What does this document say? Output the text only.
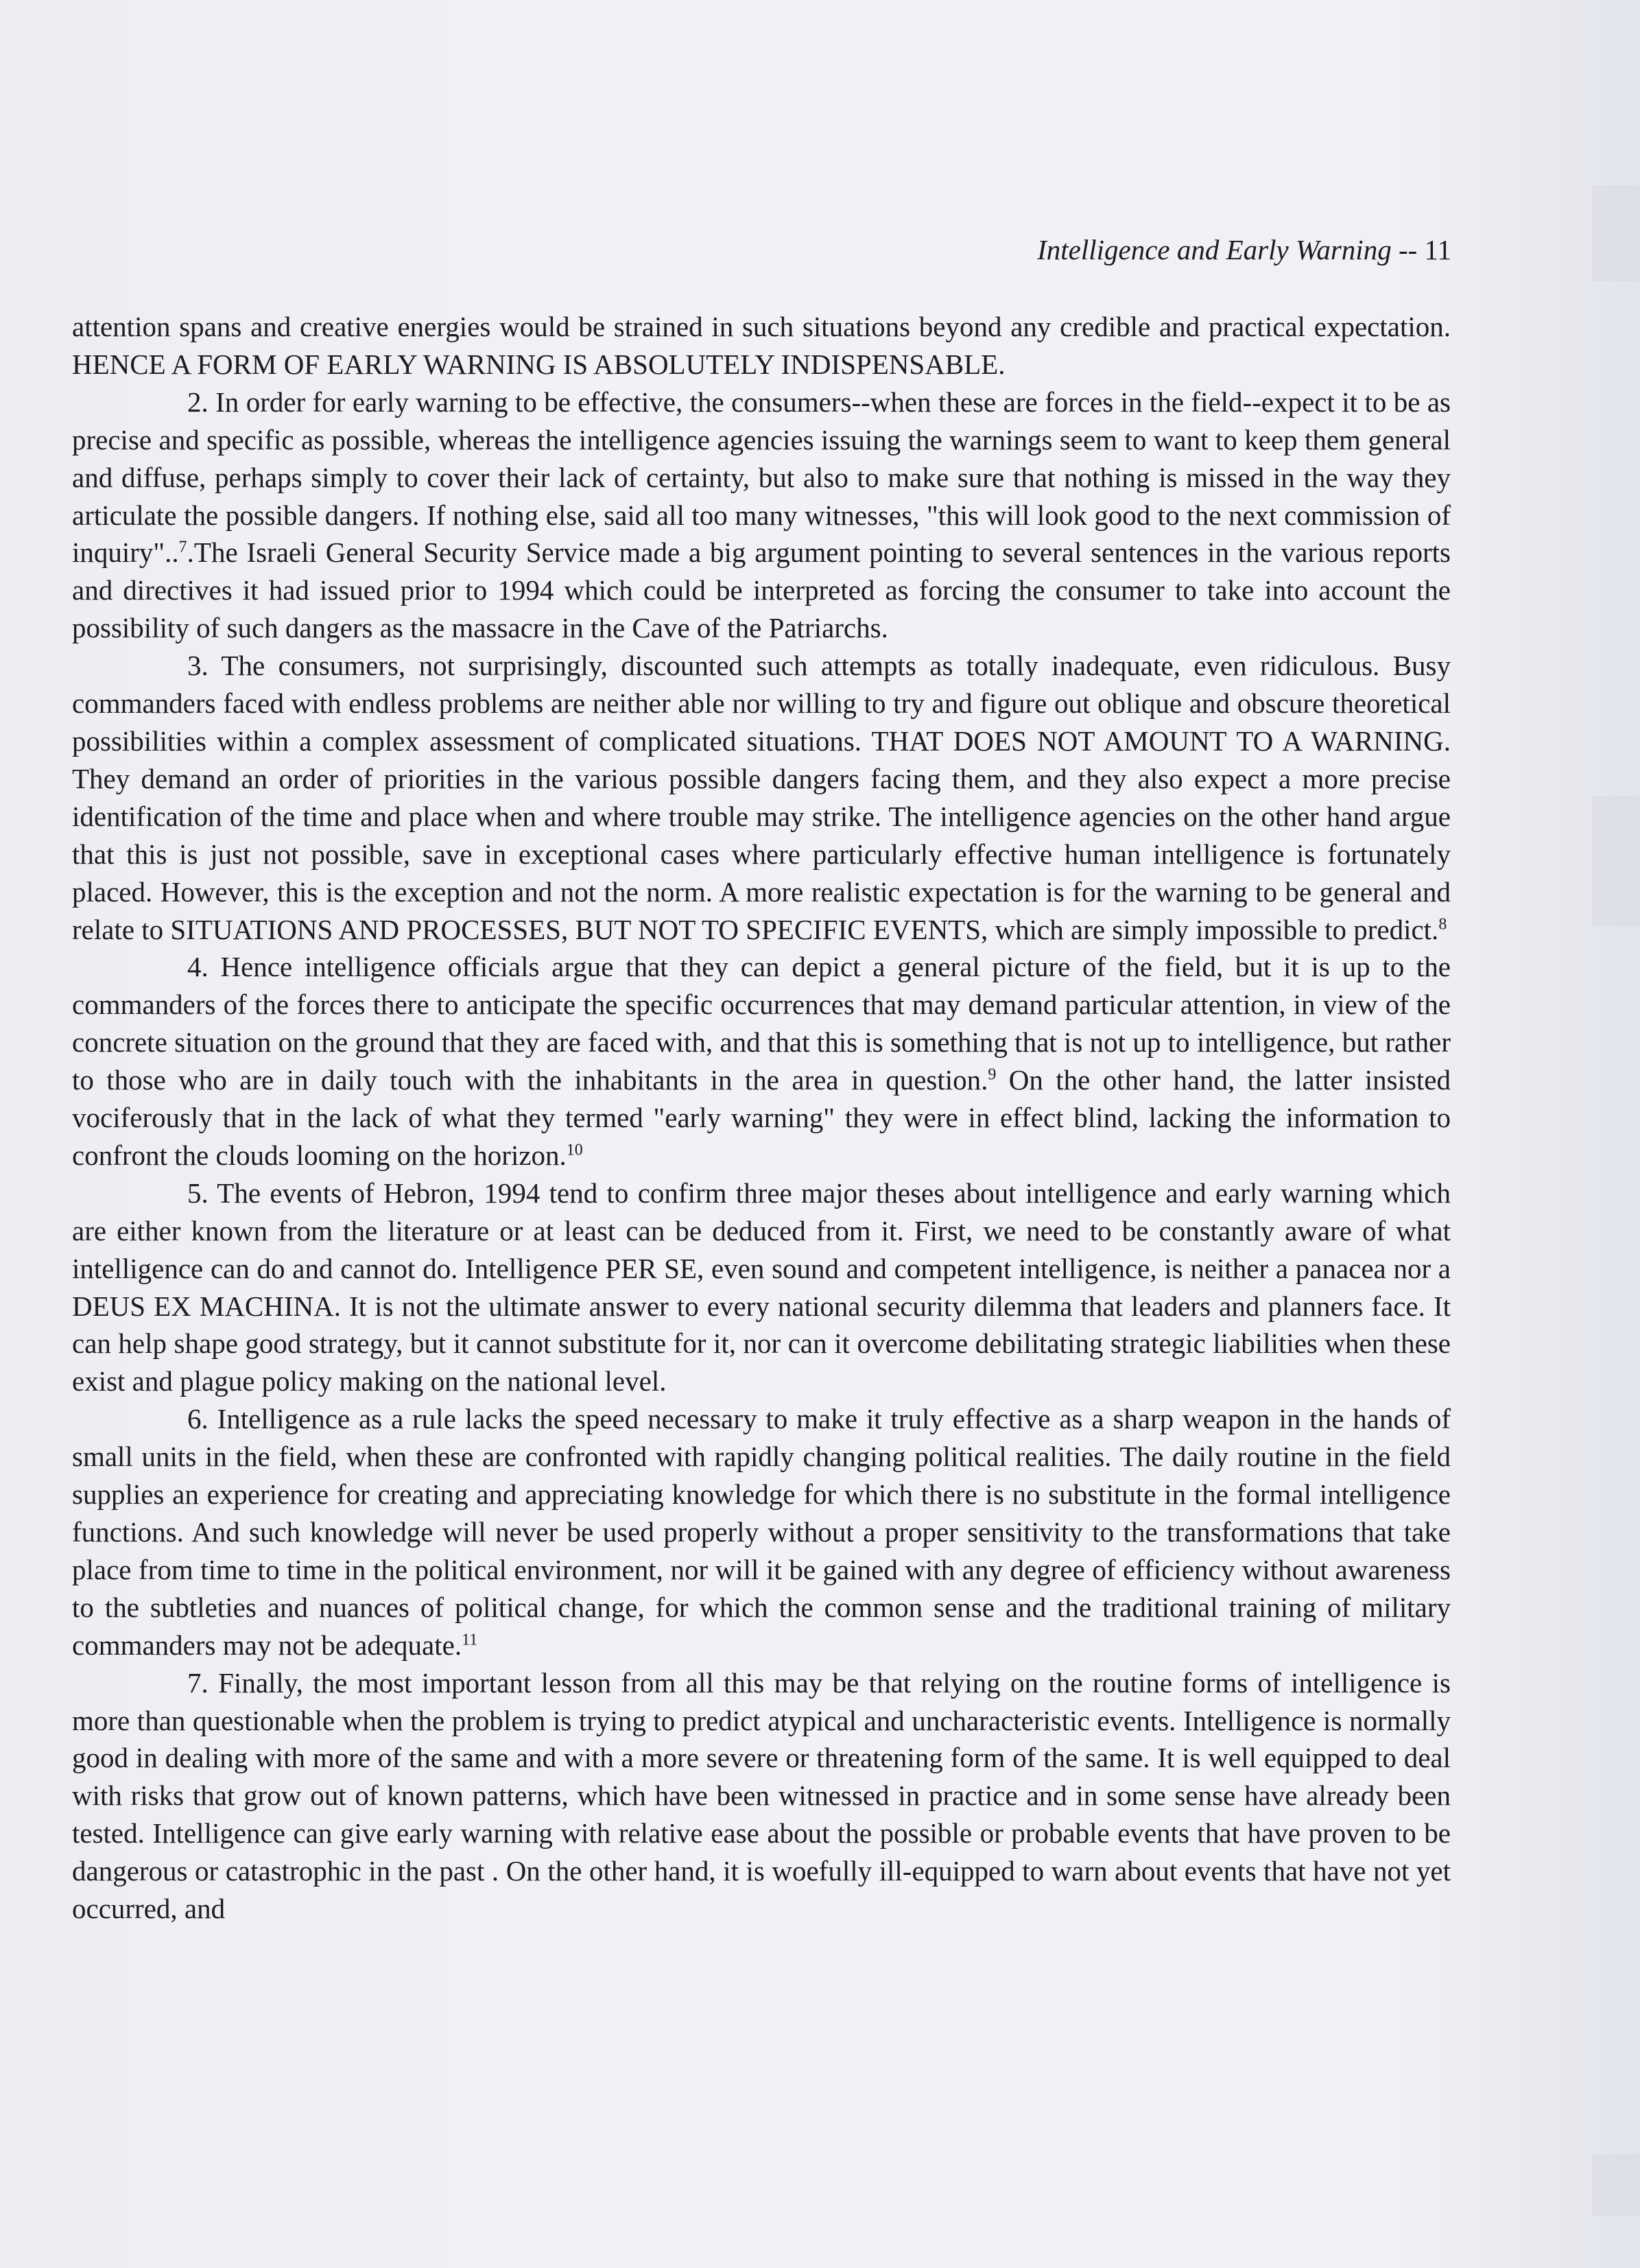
Intelligence and Early Warning -- 11

attention spans and creative energies would be strained in such situations beyond any credible and practical expectation. HENCE A FORM OF EARLY WARNING IS ABSOLUTELY INDISPENSABLE.

2. In order for early warning to be effective, the consumers--when these are forces in the field--expect it to be as precise and specific as possible, whereas the intelligence agencies issuing the warnings seem to want to keep them general and diffuse, perhaps simply to cover their lack of certainty, but also to make sure that nothing is missed in the way they articulate the possible dangers. If nothing else, said all too many witnesses, "this will look good to the next commission of inquiry"..$^7$.The Israeli General Security Service made a big argument pointing to several sentences in the various reports and directives it had issued prior to 1994 which could be interpreted as forcing the consumer to take into account the possibility of such dangers as the massacre in the Cave of the Patriarchs.

3. The consumers, not surprisingly, discounted such attempts as totally inadequate, even ridiculous. Busy commanders faced with endless problems are neither able nor willing to try and figure out oblique and obscure theoretical possibilities within a complex assessment of complicated situations. THAT DOES NOT AMOUNT TO A WARNING. They demand an order of priorities in the various possible dangers facing them, and they also expect a more precise identification of the time and place when and where trouble may strike. The intelligence agencies on the other hand argue that this is just not possible, save in exceptional cases where particularly effective human intelligence is fortunately placed. However, this is the exception and not the norm. A more realistic expectation is for the warning to be general and relate to SITUATIONS AND PROCESSES, BUT NOT TO SPECIFIC EVENTS, which are simply impossible to predict.$^8$

4. Hence intelligence officials argue that they can depict a general picture of the field, but it is up to the commanders of the forces there to anticipate the specific occurrences that may demand particular attention, in view of the concrete situation on the ground that they are faced with, and that this is something that is not up to intelligence, but rather to those who are in daily touch with the inhabitants in the area in question.$^9$ On the other hand, the latter insisted vociferously that in the lack of what they termed "early warning" they were in effect blind, lacking the information to confront the clouds looming on the horizon.$^{10}$

5. The events of Hebron, 1994 tend to confirm three major theses about intelligence and early warning which are either known from the literature or at least can be deduced from it. First, we need to be constantly aware of what intelligence can do and cannot do. Intelligence PER SE, even sound and competent intelligence, is neither a panacea nor a DEUS EX MACHINA. It is not the ultimate answer to every national security dilemma that leaders and planners face. It can help shape good strategy, but it cannot substitute for it, nor can it overcome debilitating strategic liabilities when these exist and plague policy making on the national level.

6. Intelligence as a rule lacks the speed necessary to make it truly effective as a sharp weapon in the hands of small units in the field, when these are confronted with rapidly changing political realities. The daily routine in the field supplies an experience for creating and appreciating knowledge for which there is no substitute in the formal intelligence functions. And such knowledge will never be used properly without a proper sensitivity to the transformations that take place from time to time in the political environment, nor will it be gained with any degree of efficiency without awareness to the subtleties and nuances of political change, for which the common sense and the traditional training of military commanders may not be adequate.$^{11}$

7. Finally, the most important lesson from all this may be that relying on the routine forms of intelligence is more than questionable when the problem is trying to predict atypical and uncharacteristic events. Intelligence is normally good in dealing with more of the same and with a more severe or threatening form of the same. It is well equipped to deal with risks that grow out of known patterns, which have been witnessed in practice and in some sense have already been tested. Intelligence can give early warning with relative ease about the possible or probable events that have proven to be dangerous or catastrophic in the past . On the other hand, it is woefully ill-equipped to warn about events that have not yet occurred, and
